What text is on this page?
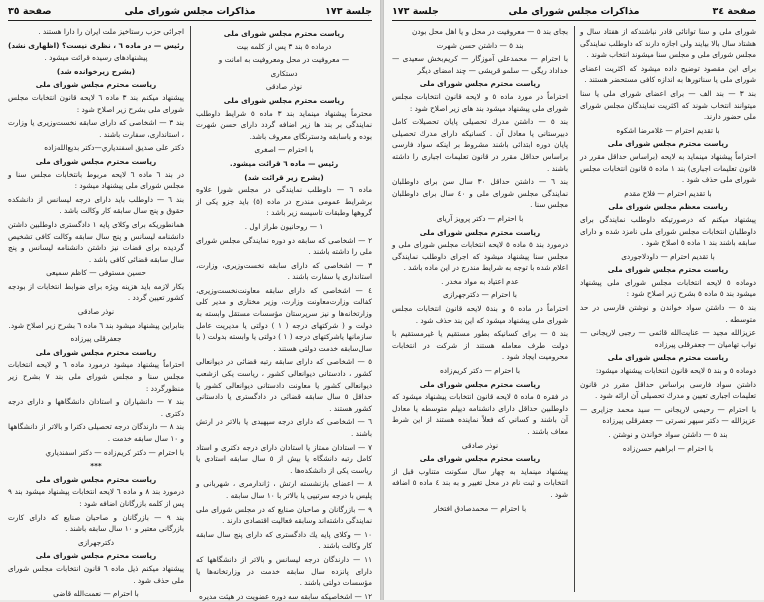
جلسة ١٧٣
مذاکرات مجلس شورای ملی
صفحة ٣٥

رياست محترم مجلس شورای ملی

درماده ٥ بند ٣ پس از كلمه بيت

— معروفيت در محل ومعروفيت به امانت و

دستكارى

نوذر صادقى

رياست محترم مجلس شورای ملی

محترماً پيشنهاد مينمايد بند ٣ ماده ٥ شرايط داوطلب نمايندگى بر بند ها زير اضافه گردد داراى حسن شهرت بوده و باسابقه ودسترنگاى معروف باشد.

با احترام — اصغرى

رئيس — ماده ٦ قرائت ميشود.

(بشرح زير قرائت شد)

ماده ٦ — داوطلب نمايندگى در مجلس شورا علاوه برشرايط عمومى مندرج در ماده (٥) بايد جزو يكى از گروهها وطبقات تاسيسه زير باشد :

١ — روحانيون طراز اول .

٢ — اشخاصى كه سابقه دو دوره نمايندگى مجلس شوراى ملى را داشته باشند .

٣ — اشخاصى كه داراى سابقه نخست‌وزيرى، وزارت، استاندارى يا سفارت باشند .

٤ — اشخاصى كه داراى سابقه معاونت‌نخست‌وزيرى، كفالت وزارت‌معاونت وزارت، وزير مختارى و مدير كلى وزارتخانه‌ها و نيز سرپرستان مؤسسات مستقل وابسته به دولت و ( شركتهاى درجه ( ١ ) دولتى يا مديريت عامل سازمانها ياشركتهاى درجه ( ١ ) دولتى يا وابسته بدولت ( با سال‌سابقه خدمت دولتى هستند .

٥ — اشخاصى كه داراى سابقه رتبه قضائى در ديوانعالى كشور ، دادستانى ديوانعالى كشور ، رياست يكى ازشعب ديوانعالى كشور يا معاونت دادستانى ديوانعالى كشور يا حداقل ٥ سال سابقه قضائى در دادگسترى يا دادستانى كشور هستند .

٦ — اشخاصى كه داراى درجه سپهبدى يا بالاتر در ارتش باشند .

٧ — استادان ممتاز يا استادان داراى درجه دكترى و استاد كامل رتبه دانشگاه يا بيش از ٥ سال سابقه استادى يا رياست يكى از دانشكده‌ها .

٨ — اعضاى بازنشسته ارتش ، ژاندارمرى ، شهربانى و پليس با درجه سرتيپى يا بالاتر با ١٠ سال سابقه .

٩ — بازرگانان و صاحبان صنايع كه در مجلس شوراى ملى نمايندگى داشته‌اند وسابقه فعاليت اقتصادى دارند .

١٠ — وكلاى پايه يك دادگسترى كه داراى پنج سال سابقه كار وكالت باشند .

١١ — دارندگان درجه ليسانس و بالاتر از دانشگاهها كه داراى پانزده سال سابقه خدمت در وزارتخانه‌ها يا مؤسسات دولتى باشند .

١٢ — اشخاصيكه سابقه سه دوره عضويت در هيئت مديره

اجرائى حزب رستاخيز ملت ايران را دارا هستند .

رئيس — در ماده ٦ ، نظرى نيست؟ (اظهارى نشد)

پيشنهادهاى رسيده قرائت ميشود .

(بشرح زيرخوانده شد)

رياست محترم مجلس شوراى ملى

پيشنهاد ميكنم بند ٣ ماده ٦ لايحه قانون انتخابات مجلس شوراى ملى بشرح زير اصلاح شود :

بند ٣ — اشخاصى كه داراى سابقه نخست‌وزيرى يا وزارت ، استاندارى، سفارت باشند .

دكتر على صديق اسفندياري—دكتر بديع‌الله‌زاده

رياست محترم مجلس شوراى ملى

در بند ٦ ماده ٦ لايحه مربوط بانتخابات مجلس سنا و مجلس شوراى ملى پيشنهاد ميشود :

بند ٦ — داوطلب بايد داراى درجه ليسانس از دانشكده حقوق و پنج سال سابقه كار وكالت باشد .

همانطوريكه براى وكلاى پايه ١ دادگسترى داوطلبين داشتن دانشنامه ليسانس و پنج سال سابقه وكالت كافى تشخيص گرديده براى قضات نيز داشتن دانشنامه ليسانس و پنج سال سابقه قضائى كافى باشد .

حسين مستوفى — كاظم سميعى

بكار لازمه بايد هزينه ويژه براى ضوابط انتخابات از بودجه كشور تعيين گردد .

نوذر صادقى

بنابراين پيشنهاد ميشود بند ٦ ماده ٦ بشرح زير اصلاح شود.

جعفرقلى پيرزاده

رياست محترم مجلس شوراى ملى

احتراماً پيشنهاد ميشود درمورد ماده ٦ و لايحه انتخابات مجلس سنا و مجلس شوراى ملى بند ٧ بشرح زير منظورگردد :

بند ٧ — دانشياران و استادان دانشگاهها و داراى درجه دكترى .

بند ٨ — دارندگان درجه تحصيلى دكترا و بالاتر از دانشگاهها و ١٠ سال سابقه خدمت .

با احترام — دكتر كريم‌زاده — دكتر اسفندياري

***

رياست محترم مجلس شوراى ملى

درمورد بند ٨ و ماده ٦ لايحه انتخابات پيشنهاد ميشود بند ٩ پس از كلمه بازرگانان اضافه شود :

بند ٩ — بازرگانان و صاحبان صنايع كه داراى كارت بازرگانى معتبر و ١٠ سال سابقه باشند .

دكترجهرازى

رياست محترم مجلس شوراى ملى

پيشنهاد ميكنم ذيل ماده ٦ قانون انتخابات مجلس شوراى ملى حذف شود .

با احترام — نعمت‌الله قاضى

صفحة ٣٤
مذاکرات مجلس شورای ملی
جلسة ١٧٣

شوراى ملى و سنا توانائى قادر نباشندكه از هفتاد سال و هشتاد سال بالا بيايند ولى اجازه دارند كه داوطلب نمايندگى مجلس شوراى ملى و مجلس سنا ميشوند انتخاب شوند .

براى اين مقصود توضيح داده ميشود كه اكثريت اعضاى شوراى ملى يا سناتورها به اندازه كافى مستحضر هستند .

بند ٣ — بند الف — براى اعضاى شوراى ملى يا سنا ميتوانند انتخاب شوند كه اكثريت نمايندگان مجلس شوراى ملى حضور دارند.

با تقديم احترام — غلامرضا اشكوه

رياست محترم مجلس شوراى ملى

احتراماً پيشنهاد مينمايد به لايحه (براساس حداقل مقرر در قانون تعليمات اجبارى) بند ١ ماده ٥ قانون انتخابات مجلس شوراى ملى حذف شود .

با تقديم احترام — فلاح مقدم

رياست معظم مجلس شوراى ملى

پيشنهاد ميكنم كه درصورتيكه داوطلب نمايندگى براى داوطلبان انتخابات مجلس شوراى ملى نامزد شده و داراى سابقه باشند بند ١ ماده ٥ اصلاح شود .

با تقديم احترام — داودلاجوردی

رياست محترم مجلس شوراى ملى

دوماده ٥ لايحه انتخابات مجلس شوراى ملى پيشنهاد ميشود بند ٥ ماده ٥ بشرح زير اصلاح شود :

بند ٥ — داشتن سواد خواندن و نوشتن فارسى در حد متوسطه .

عزيزالله مجيد — عنايت‌الله قائمى — رجبى لاريجانى — نواب تهاميان — جعفرقلى پيرزاده

رياست محترم مجلس شوراى ملى

دوماده ٥ و بند ٥ لايحه قانون انتخابات پيشنهاد ميشود:

داشتن سواد فارسى براساس حداقل مقرر در قانون تعليمات اجبارى تعيين و مدرك تحصيلى آن ارائه شود .

با احترام — رحيمى لاريجانى — سيد محمد جزايرى — عزيزالله — دكتر سپهر نصرتى — جعفرقلى پيرزاده

بند ٥ — داشتن سواد خواندن و نوشتن .

با احترام — ابراهيم حسن‌زاده

بجاى بند ٥ — معروفيت در محل و يا اهل محل بودن

بند ٥ — داشتن حسن شهرت

با احترام — محمدعلى آموزگار — كريم‌بخش سعيدى — خداداد ريگى — سلمو قريشى — چند امضاى ديگر

رياست محترم مجلس شوراى ملى

احتراماً در مورد ماده ٥ و لايحه قانون انتخابات مجلس شوراى ملى پيشنهاد ميشود بند هاى زير اصلاح شود :

بند ٥ — داشتن مدرك تحصيلى پايان تحصيلات كامل دبيرستانى يا معادل آن . كسانيكه داراى مدرك تحصيلى پايان دوره ابتدائى باشند مشروط بر اينكه سواد فارسى براساس حداقل مقرر در قانون تعليمات اجبارى را داشته باشند .

بند ٦ — داشتن حداقل ٣٠ سال سن براى داوطلبان نمايندگى مجلس شوراى ملى و ٤٠ سال براى داوطلبان مجلس سنا .

با احترام — دكتر پرويز آرياى

رياست محترم مجلس شوراى ملى

درمورد بند ٥ ماده ٥ لايحه انتخابات مجلس شوراى ملى و مجلس سنا پيشنهاد ميشود كه اجرای داوطلب نمايندگى اعلام شده با توجه به شرايط مندرج در اين ماده باشد .

عدم اعتياد به مواد مخدر .

با احترام — دكترجهرازى

احتراماً در ماده ٥ و بند٥ لايحه قانون انتخابات مجلس شوراى ملى پيشنهاد ميشود كه اين بند حذف شود .

بند ٥ — براى كسانيكه بطور مستقيم يا غيرمستقيم با دولت طرف معامله هستند از شركت در انتخابات محروميت ايجاد شود .

با احترام — دكتر كريم‌زاده

رياست محترم مجلس شوراى ملى

در فقره ٥ ماده ٥ لايحه قانون انتخابات پيشنهاد ميشود كه داوطلبين حداقل داراى دانشنامه ديپلم متوسطه يا معادل آن باشند و كساني كه فعلاً نماينده هستند از اين شرط معاف باشند .

نوذر صادقى

رياست محترم مجلس شوراى ملى

پيشنهاد مينمايد به چهار سال سكونت متناوب قبل از انتخابات و ثبت نام در محل تغيير و به بند ٤ ماده ٥ اضافه شود .

با احترام — محمدصادق افتخار
